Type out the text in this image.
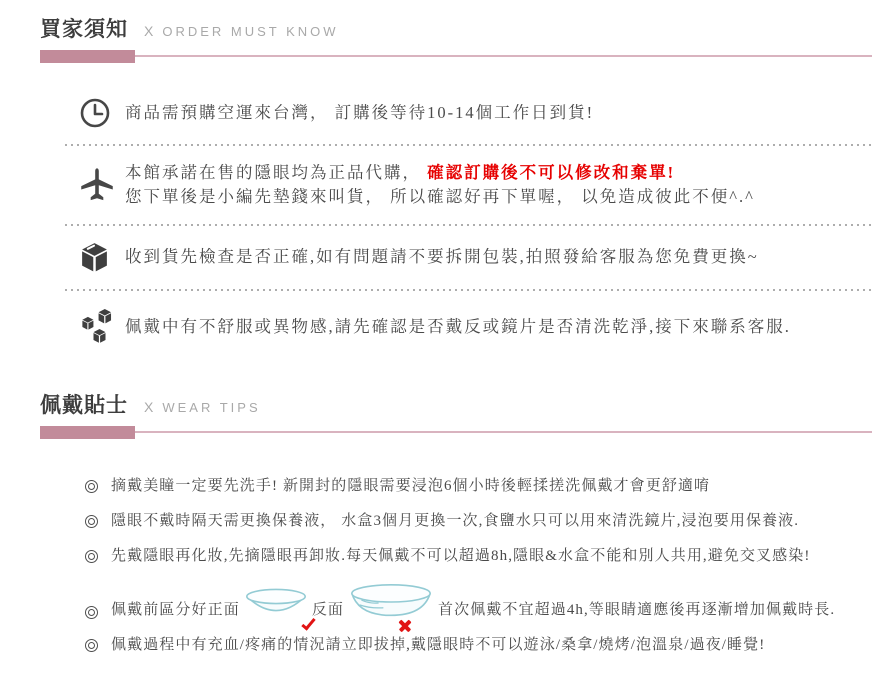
買家須知 X ORDER MUST KNOW
商品需預購空運來台灣， 訂購後等待10-14個工作日到貨!
本館承諾在售的隱眼均為正品代購， 確認訂購後不可以修改和棄單!
您下單後是小編先墊錢來叫貨， 所以確認好再下單喔， 以免造成彼此不便^.^
收到貨先檢查是否正確,如有問題請不要拆開包裝,拍照發給客服為您免費更換~
佩戴中有不舒服或異物感,請先確認是否戴反或鏡片是否清洗乾淨,接下來聯系客服.
佩戴貼士 X WEAR TIPS
摘戴美瞳一定要先洗手! 新開封的隱眼需要浸泡6個小時後輕揉搓洗佩戴才會更舒適唷
隱眼不戴時隔天需更換保養液， 水盒3個月更換一次,食鹽水只可以用來清洗鏡片,浸泡要用保養液.
先戴隱眼再化妝,先摘隱眼再卸妝.每天佩戴不可以超過8h,隱眼&水盒不能和別人共用,避免交叉感染!
佩戴前區分好正面	反面	首次佩戴不宜超過4h,等眼睛適應後再逐漸增加佩戴時長.
佩戴過程中有充血/疼痛的情況請立即拔掉,戴隱眼時不可以遊泳/桑拿/燒烤/泡溫泉/過夜/睡覺!
